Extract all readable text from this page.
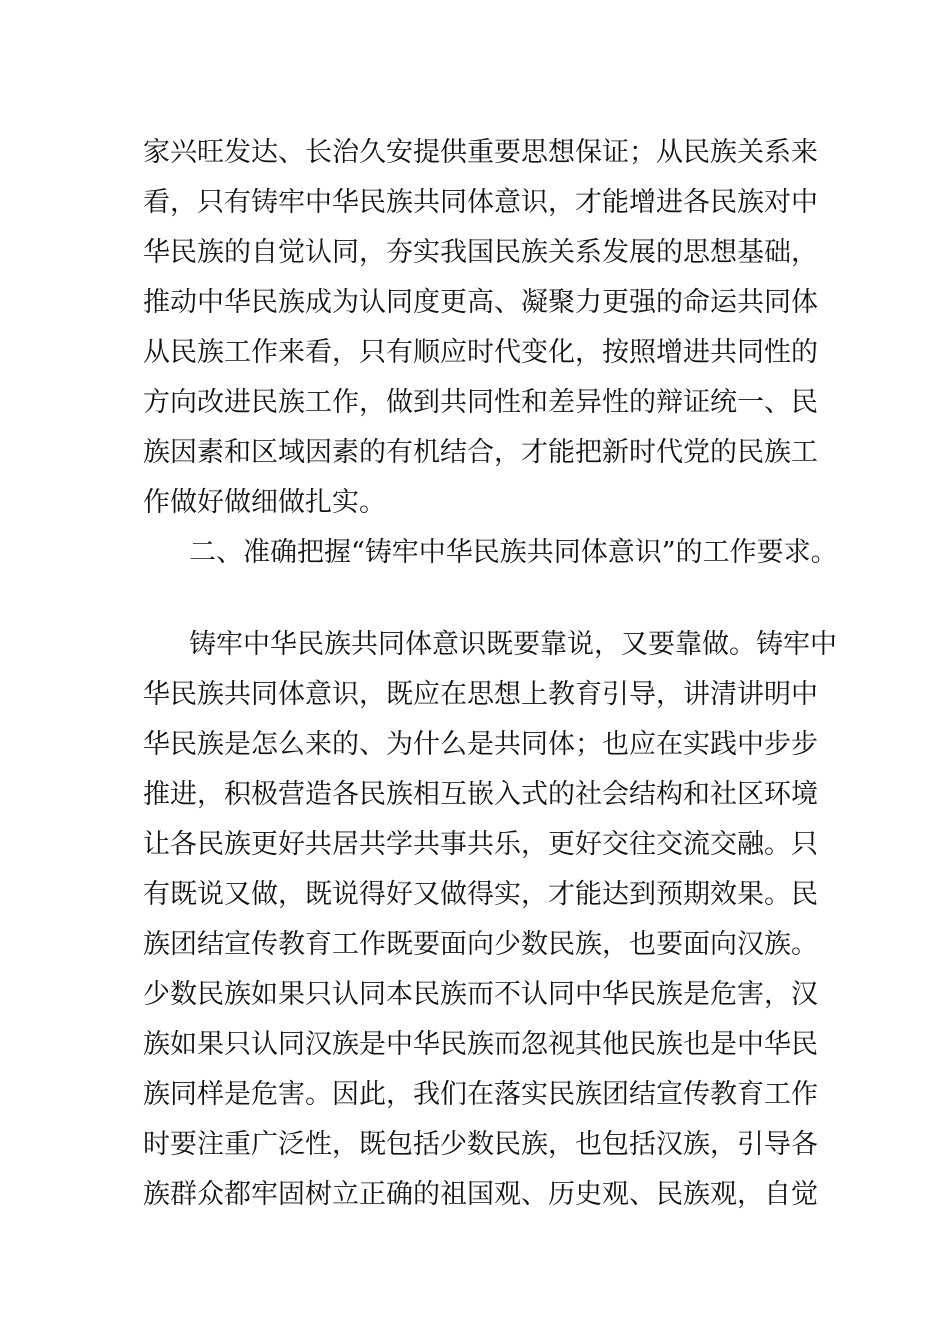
家兴旺发达、长治久安提供重要思想保证；从民族关系来
看，只有铸牢中华民族共同体意识，才能增进各民族对中
华民族的自觉认同，夯实我国民族关系发展的思想基础，
推动中华民族成为认同度更高、凝聚力更强的命运共同体
从民族工作来看，只有顺应时代变化，按照增进共同性的
方向改进民族工作，做到共同性和差异性的辩证统一、民
族因素和区域因素的有机结合，才能把新时代党的民族工
作做好做细做扎实。
二、准确把握“铸牢中华民族共同体意识”的工作要求。
铸牢中华民族共同体意识既要靠说，又要靠做。铸牢中
华民族共同体意识，既应在思想上教育引导，讲清讲明中
华民族是怎么来的、为什么是共同体；也应在实践中步步
推进，积极营造各民族相互嵌入式的社会结构和社区环境
让各民族更好共居共学共事共乐，更好交往交流交融。只
有既说又做，既说得好又做得实，才能达到预期效果。民
族团结宣传教育工作既要面向少数民族，也要面向汉族。
少数民族如果只认同本民族而不认同中华民族是危害，汉
族如果只认同汉族是中华民族而忽视其他民族也是中华民
族同样是危害。因此，我们在落实民族团结宣传教育工作
时要注重广泛性，既包括少数民族，也包括汉族，引导各
族群众都牢固树立正确的祖国观、历史观、民族观，自觉
